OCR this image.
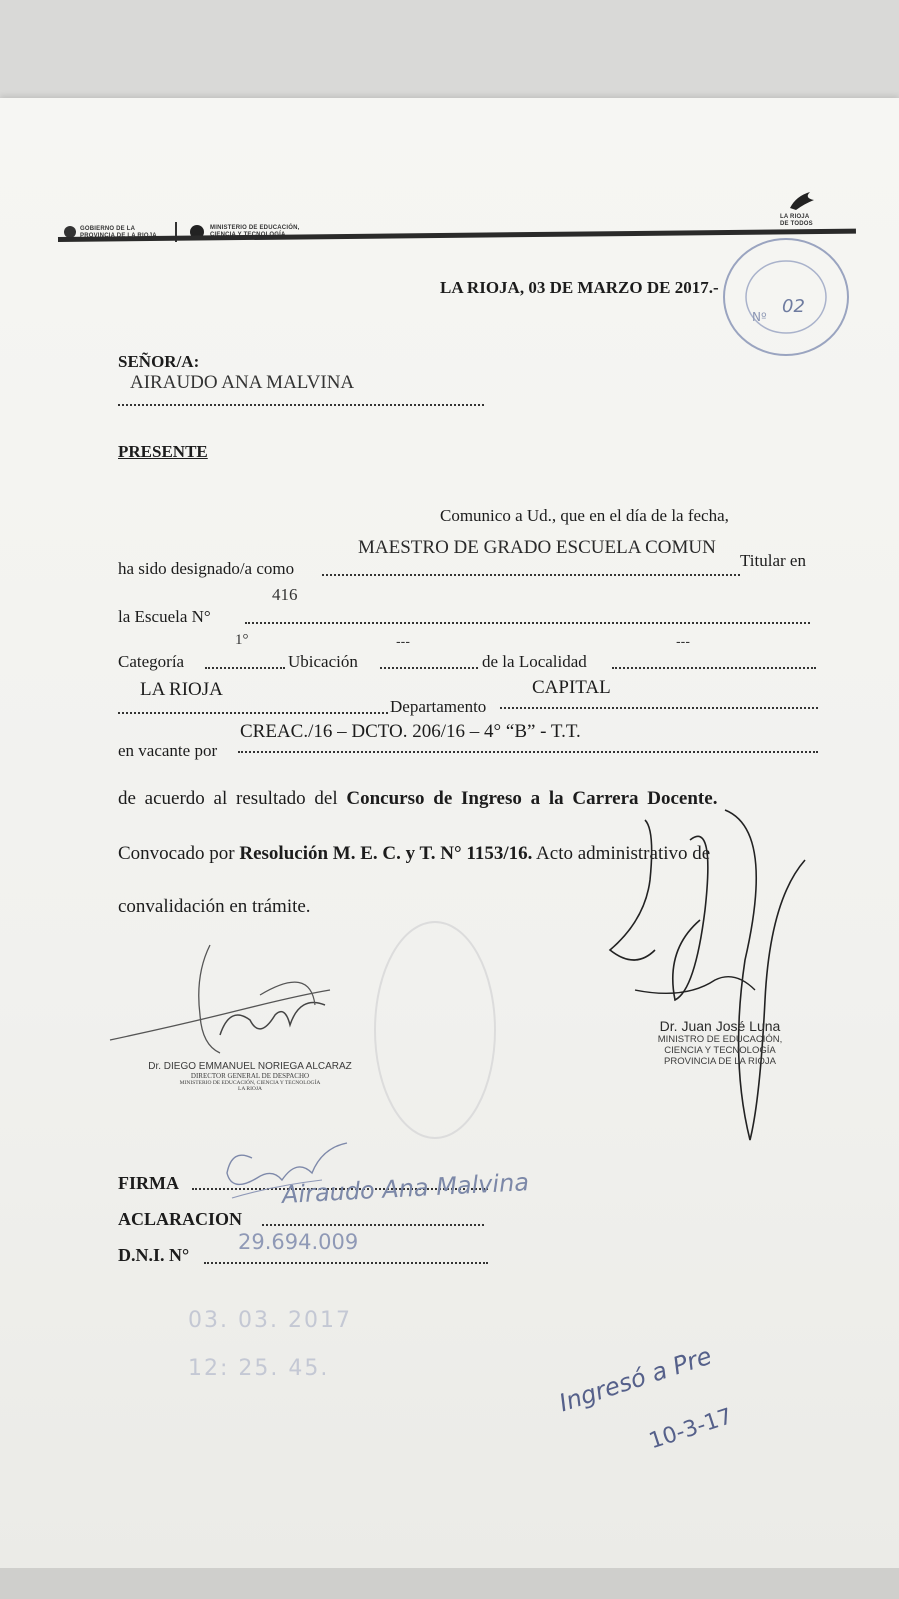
GOBIERNO DE LA	MINISTERIO DE EDUCACIÓN,
LA RIOJA
DE TODOS
LA RIOJA, 03 DE MARZO DE 2017.-
Nº 02
SEÑOR/A:
AIRAUDO ANA MALVINA
PRESENTE
Comunico a Ud., que en el día de la fecha,
ha sido designado/a como
MAESTRO DE GRADO ESCUELA COMUN
Titular en
la Escuela N°
416
Categoría
1°
Ubicación
---
de la Localidad
---
LA RIOJA
Departamento
CAPITAL
en vacante por
CREAC./16 – DCTO. 206/16 – 4° “B” - T.T.
de acuerdo al resultado del Concurso de Ingreso a la Carrera Docente.
Convocado por Resolución M. E. C. y T. N° 1153/16. Acto administrativo de
convalidación en trámite.
Dr. DIEGO EMMANUEL NORIEGA ALCARAZ
DIRECTOR GENERAL DE DESPACHO
MINISTERIO DE EDUCACIÓN, CIENCIA Y TECNOLOGÍA
LA RIOJA
Dr. Juan José Luna
MINISTRO DE EDUCACIÓN,
CIENCIA Y TECNOLOGÍA
PROVINCIA DE LA RIOJA
FIRMA
ACLARACION
Airaudo Ana Malvina
D.N.I. N°
29.694.009
03. 03. 2017
12: 25. 45.	Ingresó a Pre
10-3-17
